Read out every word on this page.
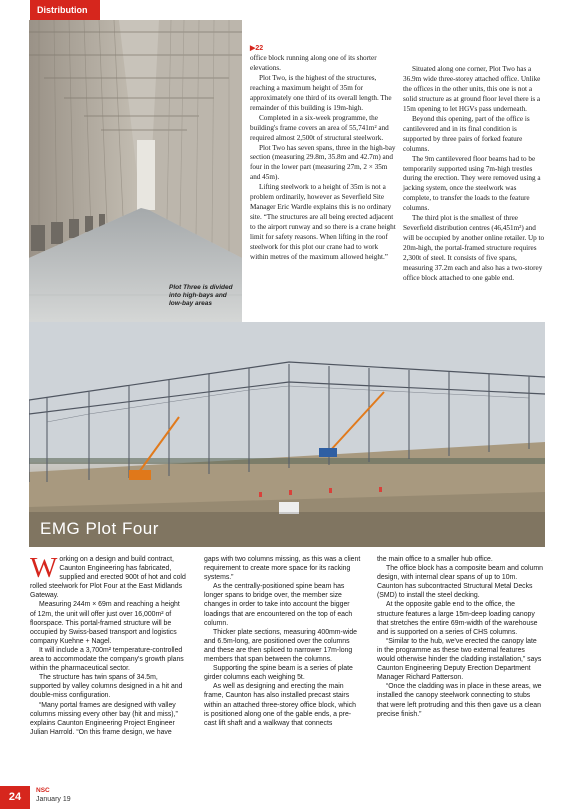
Distribution
Plot Three is divided into high-bays and low-bay areas
▶22

office block running along one of its shorter elevations.

Plot Two, is the highest of the structures, reaching a maximum height of 35m for approximately one third of its overall length. The remainder of this building is 19m-high.

Completed in a six-week programme, the building's frame covers an area of 55,741m² and required almost 2,500t of structural steelwork.

Plot Two has seven spans, three in the high-bay section (measuring 29.8m, 35.8m and 42.7m) and four in the lower part (measuring 27m, 2 × 35m and 45m).

Lifting steelwork to a height of 35m is not a problem ordinarily, however as Severfield Site Manager Eric Wardle explains this is no ordinary site. “The structures are all being erected adjacent to the airport runway and so there is a crane height limit for safety reasons. When lifting in the roof steelwork for this plot our crane had to work within metres of the maximum allowed height.”

Situated along one corner, Plot Two has a 36.9m wide three-storey attached office. Unlike the offices in the other units, this one is not a solid structure as at ground floor level there is a 15m opening to let HGVs pass underneath.

Beyond this opening, part of the office is cantilevered and in its final condition is supported by three pairs of forked feature columns.

The 9m cantilevered floor beams had to be temporarily supported using 7m-high trestles during the erection. They were removed using a jacking system, once the steelwork was complete, to transfer the loads to the feature columns.

The third plot is the smallest of three Severfield distribution centres (46,451m²) and will be occupied by another online retailer. Up to 20m-high, the portal-framed structure requires 2,300t of steel. It consists of five spans, measuring 37.2m each and also has a two-storey office block attached to one gable end.

EMG Plot Four
W orking on a design and build contract, Caunton Engineering has fabricated, supplied and erected 900t of hot and cold rolled steelwork for Plot Four at the East Midlands Gateway.

Measuring 244m × 69m and reaching a height of 12m, the unit will offer just over 16,000m² of floorspace. This portal-framed structure will be occupied by Swiss-based transport and logistics company Kuehne + Nagel.

It will include a 3,700m² temperature-controlled area to accommodate the company's growth plans within the pharmaceutical sector.

The structure has twin spans of 34.5m, supported by valley columns designed in a hit and double-miss configuration.

“Many portal frames are designed with valley columns missing every other bay (hit and miss),” explains Caunton Engineering Project Engineer Julian Harrold. “On this frame design, we have

gaps with two columns missing, as this was a client requirement to create more space for its racking systems.”

As the centrally-positioned spine beam has longer spans to bridge over, the member size changes in order to take into account the bigger loadings that are encountered on the top of each column.

Thicker plate sections, measuring 400mm-wide and 6.5m-long, are positioned over the columns and these are then spliced to narrower 17m-long members that span between the columns.

Supporting the spine beam is a series of plate girder columns each weighing 5t.

As well as designing and erecting the main frame, Caunton has also installed precast stairs within an attached three-storey office block, which is positioned along one of the gable ends, a pre-cast lift shaft and a walkway that connects

the main office to a smaller hub office.

The office block has a composite beam and column design, with internal clear spans of up to 10m. Caunton has subcontracted Structural Metal Decks (SMD) to install the steel decking.

At the opposite gable end to the office, the structure features a large 15m-deep loading canopy that stretches the entire 69m-width of the warehouse and is supported on a series of CHS columns.

“Similar to the hub, we've erected the canopy late in the programme as these two external features would otherwise hinder the cladding installation,” says Caunton Engineering Deputy Erection Department Manager Richard Patterson.

“Once the cladding was in place in these areas, we installed the canopy steelwork connecting to stubs that were left protruding and this then gave us a clean precise finish.”

24
NSC
January 19
